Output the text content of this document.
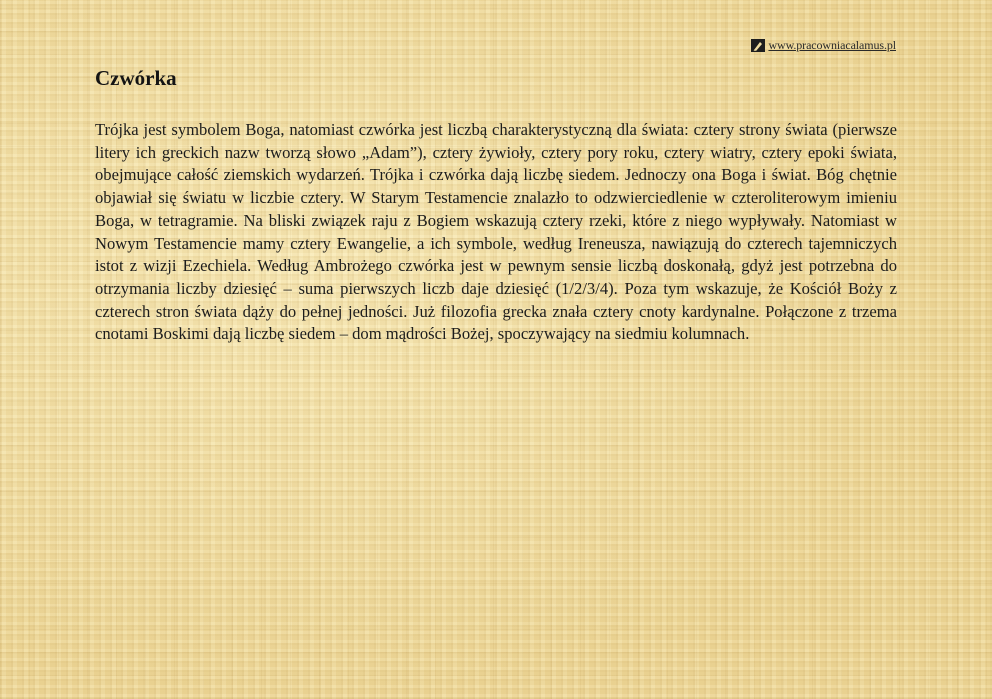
www.pracowniacalamus.pl
Czwórka

Trójka jest symbolem Boga, natomiast czwórka jest liczbą charakterystyczną dla świata: cztery strony świata (pierwsze litery ich greckich nazw tworzą słowo „Adam”), cztery żywioły, cztery pory roku, cztery wiatry, cztery epoki świata, obejmujące całość ziemskich wydarzeń. Trójka i czwórka dają liczbę siedem. Jednoczy ona Boga i świat. Bóg chętnie objawiał się światu w liczbie cztery. W Starym Testamencie znalazło to odzwierciedlenie w czteroliterowym imieniu Boga, w tetragramie. Na bliski związek raju z Bogiem wskazują cztery rzeki, które z niego wypływały. Natomiast w Nowym Testamencie mamy cztery Ewangelie, a ich symbole, według Ireneusza, nawiązują do czterech tajemniczych istot z wizji Ezechiela. Według Ambrożego czwórka jest w pewnym sensie liczbą doskonałą, gdyż jest potrzebna do otrzymania liczby dziesięć – suma pierwszych liczb daje dziesięć (1/2/3/4). Poza tym wskazuje, że Kościół Boży z czterech stron świata dąży do pełnej jedności. Już filozofia grecka znała cztery cnoty kardynalne. Połączone z trzema cnotami Boskimi dają liczbę siedem – dom mądrości Bożej, spoczywający na siedmiu kolumnach.
